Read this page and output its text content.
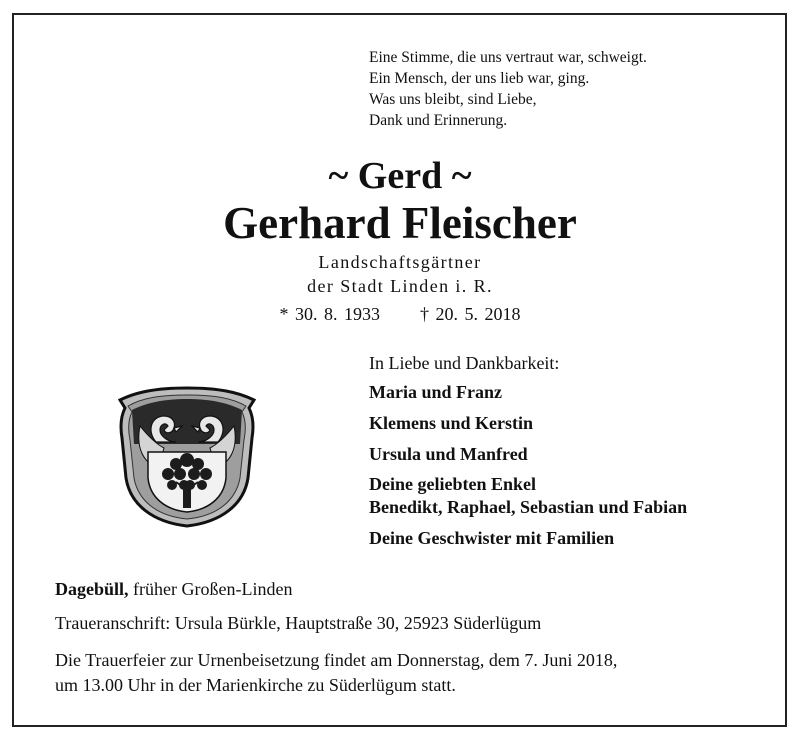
Eine Stimme, die uns vertraut war, schweigt.
Ein Mensch, der uns lieb war, ging.
Was uns bleibt, sind Liebe,
Dank und Erinnerung.
~ Gerd ~
Gerhard Fleischer
Landschaftsgärtner
der Stadt Linden i. R.
* 30. 8. 1933 † 20. 5. 2018
In Liebe und Dankbarkeit:
Maria und Franz
Klemens und Kerstin
Ursula und Manfred
Deine geliebten Enkel
Benedikt, Raphael, Sebastian und Fabian
Deine Geschwister mit Familien
Dagebüll, früher Großen-Linden
Traueranschrift: Ursula Bürkle, Hauptstraße 30, 25923 Süderlügum
Die Trauerfeier zur Urnenbeisetzung findet am Donnerstag, dem 7. Juni 2018,
um 13.00 Uhr in der Marienkirche zu Süderlügum statt.
